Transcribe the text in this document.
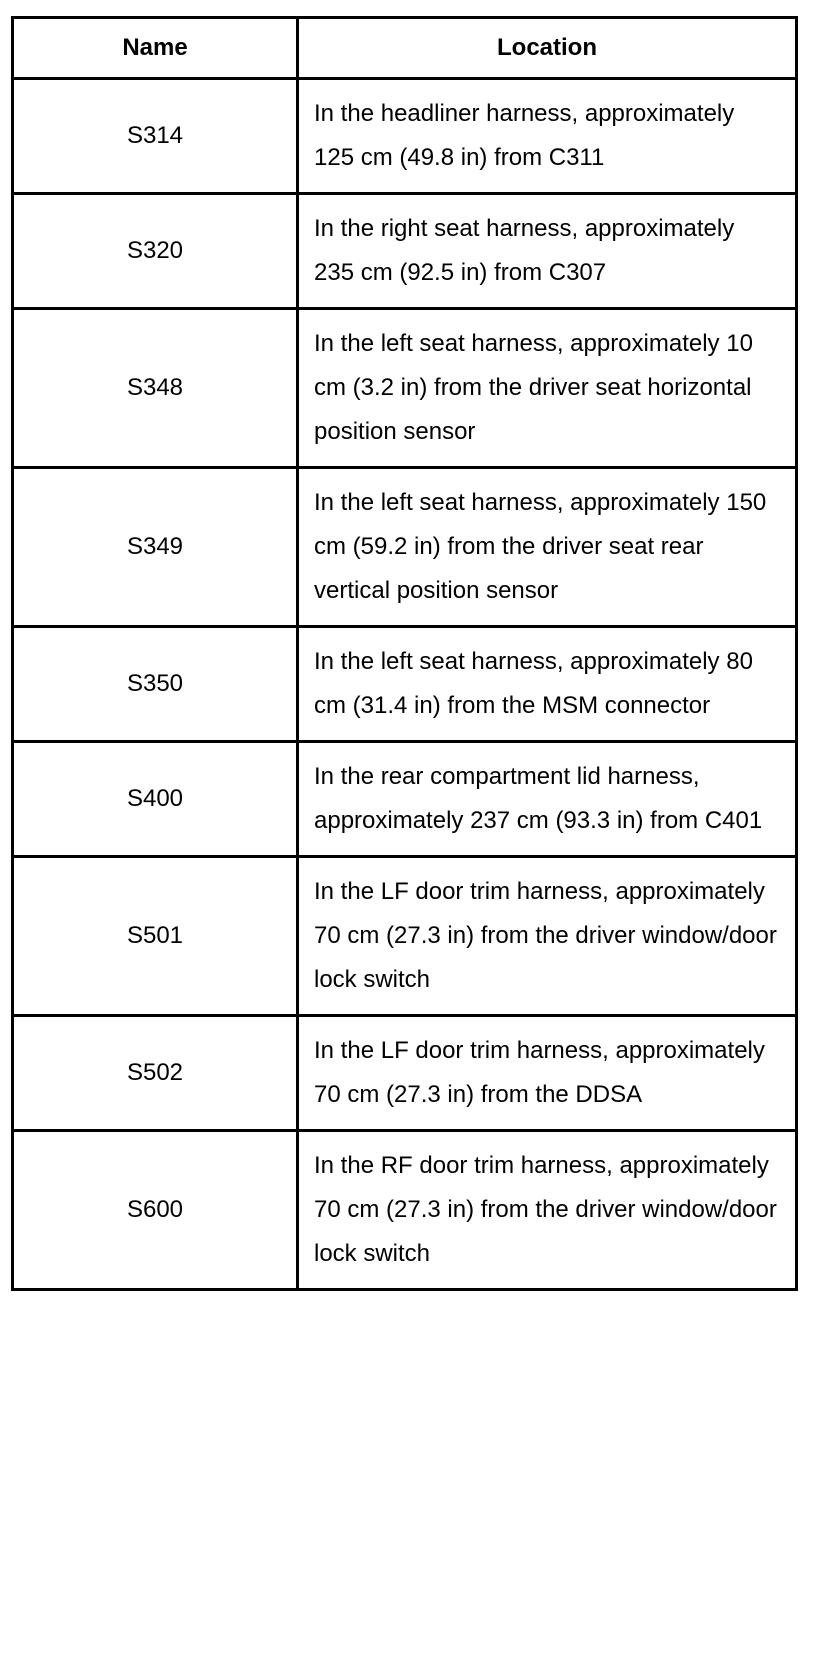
Name	Location
S314	In the headliner harness, approximately 125 cm (49.8 in) from C311
S320	In the right seat harness, approximately 235 cm (92.5 in) from C307
S348	In the left seat harness, approximately 10 cm (3.2 in) from the driver seat horizontal position sensor
S349	In the left seat harness, approximately 150 cm (59.2 in) from the driver seat rear vertical position sensor
S350	In the left seat harness, approximately 80 cm (31.4 in) from the MSM connector
S400	In the rear compartment lid harness, approximately 237 cm (93.3 in) from C401
S501	In the LF door trim harness, approximately 70 cm (27.3 in) from the driver window/door lock switch
S502	In the LF door trim harness, approximately 70 cm (27.3 in) from the DDSA
S600	In the RF door trim harness, approximately 70 cm (27.3 in) from the driver window/door lock switch
